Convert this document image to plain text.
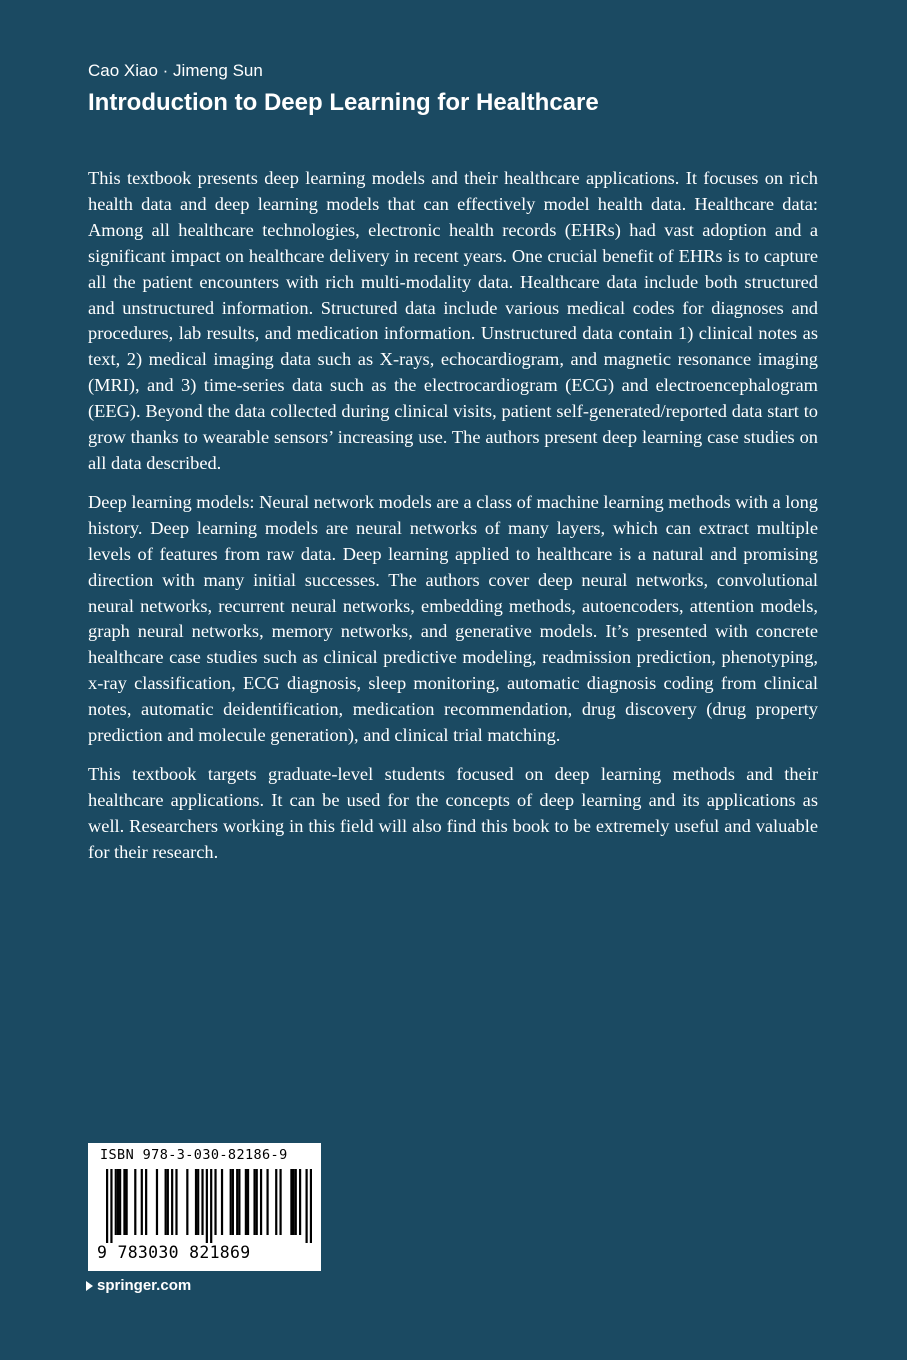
Cao Xiao · Jimeng Sun
Introduction to Deep Learning for Healthcare

This textbook presents deep learning models and their healthcare applications. It focuses on rich health data and deep learning models that can effectively model health data. Healthcare data: Among all healthcare technologies, electronic health records (EHRs) had vast adoption and a significant impact on healthcare delivery in recent years. One crucial benefit of EHRs is to capture all the patient encounters with rich multi-modality data. Healthcare data include both structured and unstructured information. Structured data include various medical codes for diagnoses and procedures, lab results, and medication information. Unstructured data contain 1) clinical notes as text, 2) medical imaging data such as X-rays, echocardiogram, and magnetic resonance imaging (MRI), and 3) time-series data such as the electrocardiogram (ECG) and electroencephalogram (EEG). Beyond the data collected during clinical visits, patient self-generated/reported data start to grow thanks to wearable sensors’ increasing use. The authors present deep learning case studies on all data described.

Deep learning models: Neural network models are a class of machine learning methods with a long history. Deep learning models are neural networks of many layers, which can extract multiple levels of features from raw data. Deep learning applied to healthcare is a natural and promising direction with many initial successes. The authors cover deep neural networks, convolutional neural networks, recurrent neural networks, embedding methods, autoencoders, attention models, graph neural networks, memory networks, and generative models. It’s presented with concrete healthcare case studies such as clinical predictive modeling, readmission prediction, phenotyping, x-ray classification, ECG diagnosis, sleep monitoring, automatic diagnosis coding from clinical notes, automatic deidentification, medication recommendation, drug discovery (drug property prediction and molecule generation), and clinical trial matching.

This textbook targets graduate-level students focused on deep learning methods and their healthcare applications. It can be used for the concepts of deep learning and its applications as well. Researchers working in this field will also find this book to be extremely useful and valuable for their research.

ISBN 978-3-030-82186-9
9 783030 821869
springer.com
